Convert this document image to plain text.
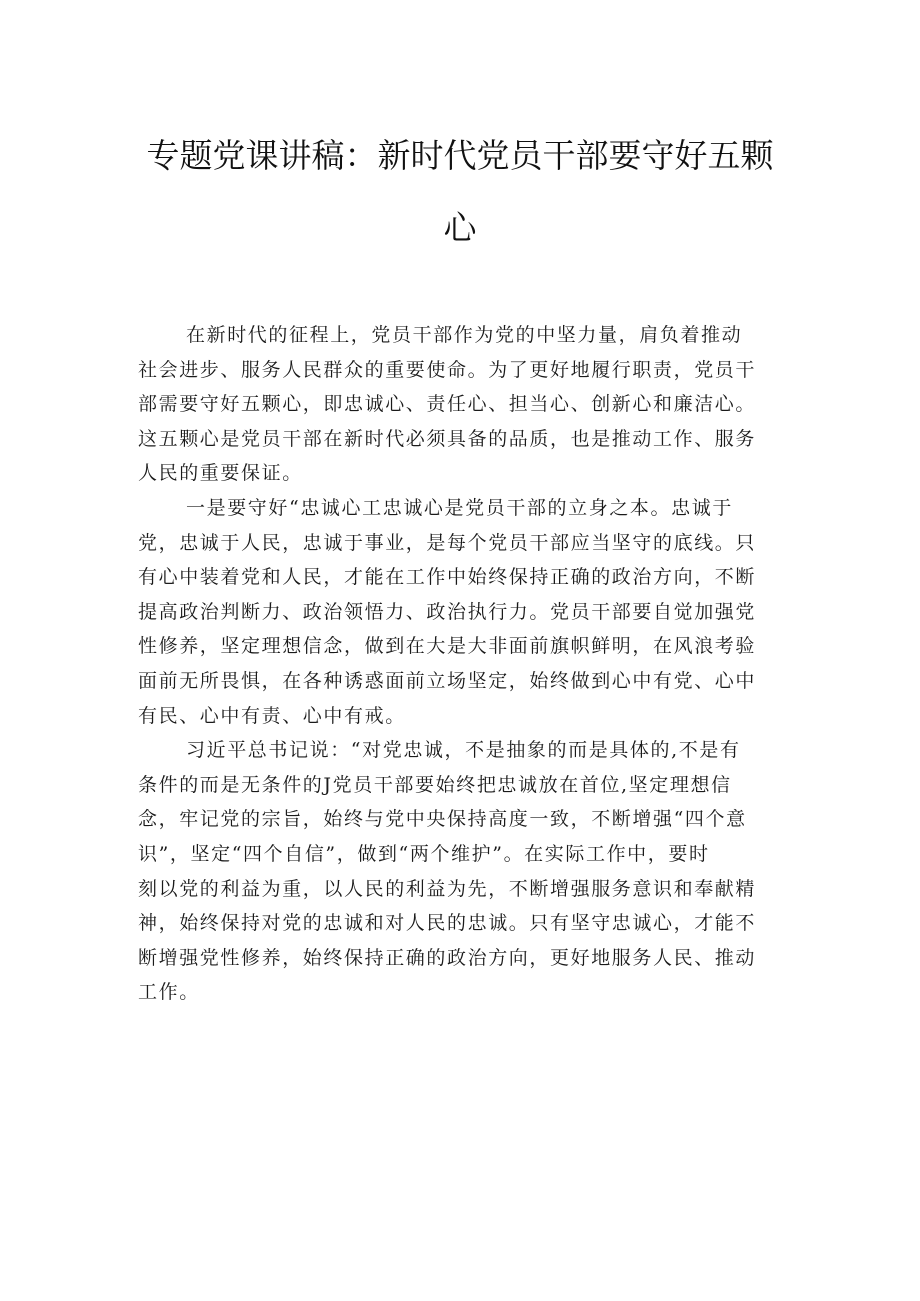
专题党课讲稿：新时代党员干部要守好五颗
心
在新时代的征程上，党员干部作为党的中坚力量，肩负着推动
社会进步、服务人民群众的重要使命。为了更好地履行职责，党员干
部需要守好五颗心，即忠诚心、责任心、担当心、创新心和廉洁心。
这五颗心是党员干部在新时代必须具备的品质，也是推动工作、服务
人民的重要保证。
一是要守好“忠诚心工忠诚心是党员干部的立身之本。忠诚于
党，忠诚于人民，忠诚于事业，是每个党员干部应当坚守的底线。只
有心中装着党和人民，才能在工作中始终保持正确的政治方向，不断
提高政治判断力、政治领悟力、政治执行力。党员干部要自觉加强党
性修养，坚定理想信念，做到在大是大非面前旗帜鲜明，在风浪考验
面前无所畏惧，在各种诱惑面前立场坚定，始终做到心中有党、心中
有民、心中有责、心中有戒。
习近平总书记说：“对党忠诚，不是抽象的而是具体的,不是有
条件的而是无条件的J党员干部要始终把忠诚放在首位,坚定理想信
念，牢记党的宗旨，始终与党中央保持高度一致，不断增强“四个意
识”，坚定“四个自信”，做到“两个维护”。在实际工作中，要时
刻以党的利益为重，以人民的利益为先，不断增强服务意识和奉献精
神，始终保持对党的忠诚和对人民的忠诚。只有坚守忠诚心，才能不
断增强党性修养，始终保持正确的政治方向，更好地服务人民、推动
工作。
